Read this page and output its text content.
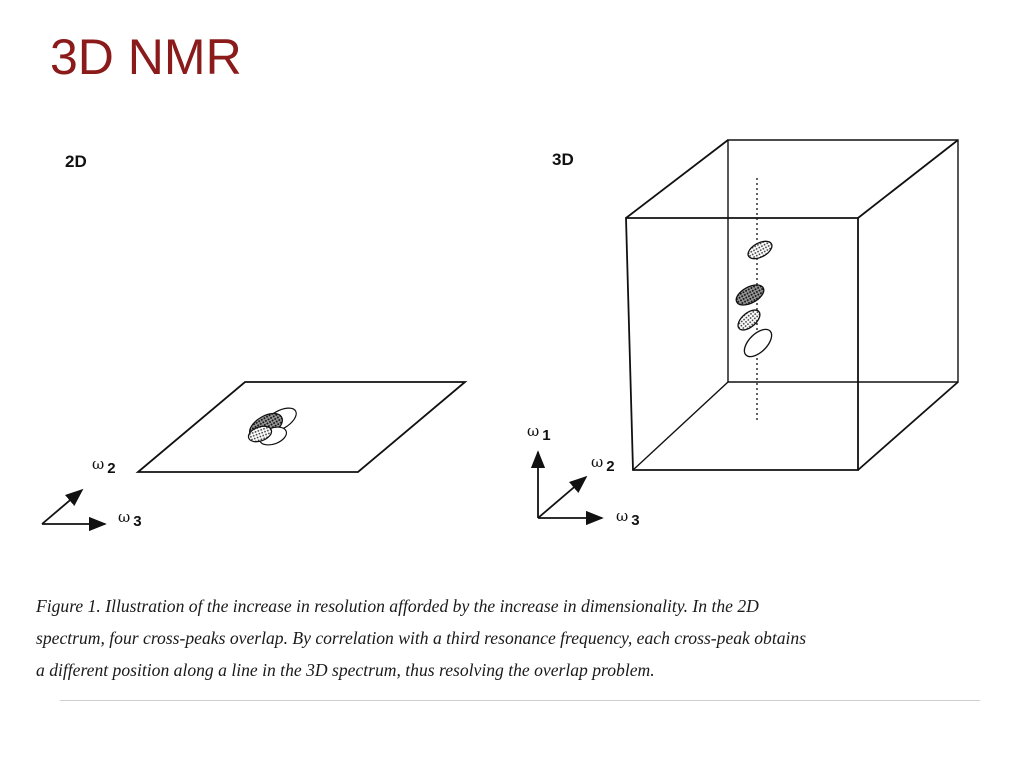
3D NMR
2D
ω 2
ω 3
3D
ω 1
ω 2
ω 3

Figure 1. Illustration of the increase in resolution afforded by the increase in dimensionality. In the 2D
spectrum, four cross-peaks overlap. By correlation with a third resonance frequency, each cross-peak obtains
a different position along a line in the 3D spectrum, thus resolving the overlap problem.
